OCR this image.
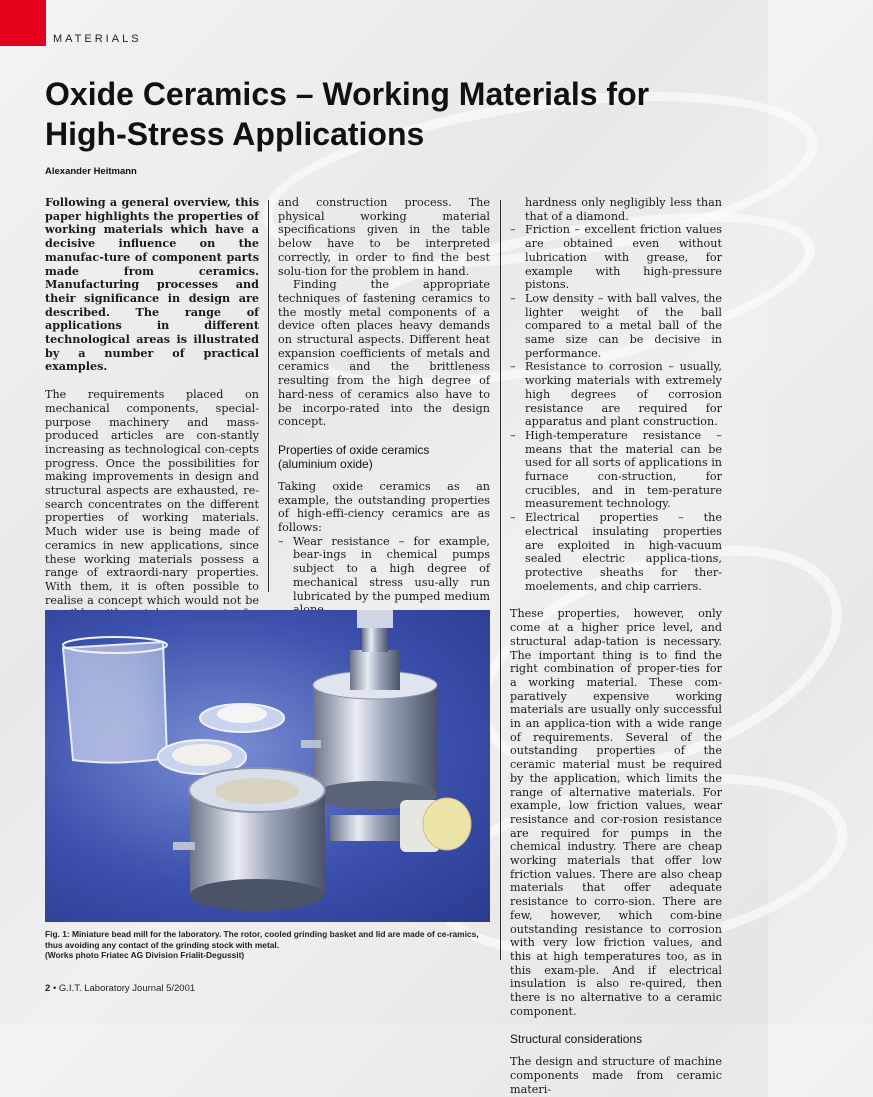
MATERIALS
Oxide Ceramics – Working Materials for
High-Stress Applications
Alexander Heitmann

Following a general overview, this paper highlights the properties of working materials which have a decisive influence on the manufac-ture of component parts made from ceramics. Manufacturing processes and their significance in design are described. The range of applications in different technological areas is illustrated by a number of practical examples.

The requirements placed on mechanical components, special-purpose machinery and mass-produced articles are con-stantly increasing as technological con-cepts progress. Once the possibilities for making improvements in design and structural aspects are exhausted, re-search concentrates on the different properties of working materials. Much wider use is being made of ceramics in new applications, since these working materials possess a range of extraordi-nary properties. With them, it is often possible to realise a concept which would not be

and construction process. The physical working material specifications given in the table below have to be interpreted correctly, in order to find the best solu-tion for the problem in hand.

Finding the appropriate techniques of fastening ceramics to the mostly metal components of a device often places heavy demands on structural aspects. Different heat expansion coefficients of metals and ceramics and the brittleness resulting from the high degree of hard-ness of ceramics also have to be incorpo-rated into the design concept.

Properties of oxide ceramics (aluminium oxide)

Taking oxide ceramics as an example, the outstanding properties of high-effi-ciency ceramics are as follows:

– Wear resistance – for example, bear-ings in chemical pumps subject to a high degree of mechanical stress usu-ally run lubricated by the pumped medium
–

hardness only negligibly less than that of a diamond.

– Friction – excellent friction values are obtained even without lubrication with grease, for example with high-pressure pistons.
– Low density – with ball valves, the lighter weight of the ball compared to a metal ball of the same size can be decisive in performance.
– Resistance to corrosion – usually, working materials with extremely high degrees of corrosion resistance are required for apparatus and plant construction.
– High-temperature resistance – means that the material can be used for all sorts of applications in furnace con-struction, for crucibles, and in tem-perature measurement technology.
– Electrical properties – the electrical insulating properties are exploited in high-vacuum sealed electric applica-tions, protective sheaths for ther-moelements, and chip carriers.

These properties, however, only come at a higher price level, and structural adap-tation is necessary. The important thing is to find the right combination of proper-ties for a working material. These com-paratively expensive working materials are usually only successful in an applica-tion with a wide range of requirements. Several of the outstanding properties of the ceramic material must be required by the application, which limits the range of alternative materials. For example, low friction values, wear resistance and cor-rosion resistance are required for pumps in the chemical industry. There are cheap working materials that offer low friction values. There are also cheap materials that offer adequate resistance to corro-sion. There are few, however, which com-bine outstanding resistance to corrosion with very low friction values, and this at high temperatures too, as in this exam-ple. And if electrical insulation is also re-quired, then there is no alternative to a ceramic component.

Structural considerations

The design and structure of machine components made from ceramic materi-

Fig. 1: Miniature bead mill for the laboratory. The rotor, cooled grinding basket and lid are made of ce-ramics, thus avoiding any contact of the grinding stock with metal.
(Works photo Friatec AG Division Frialit-Degussit)
2 • G.I.T. Laboratory Journal 5/2001
